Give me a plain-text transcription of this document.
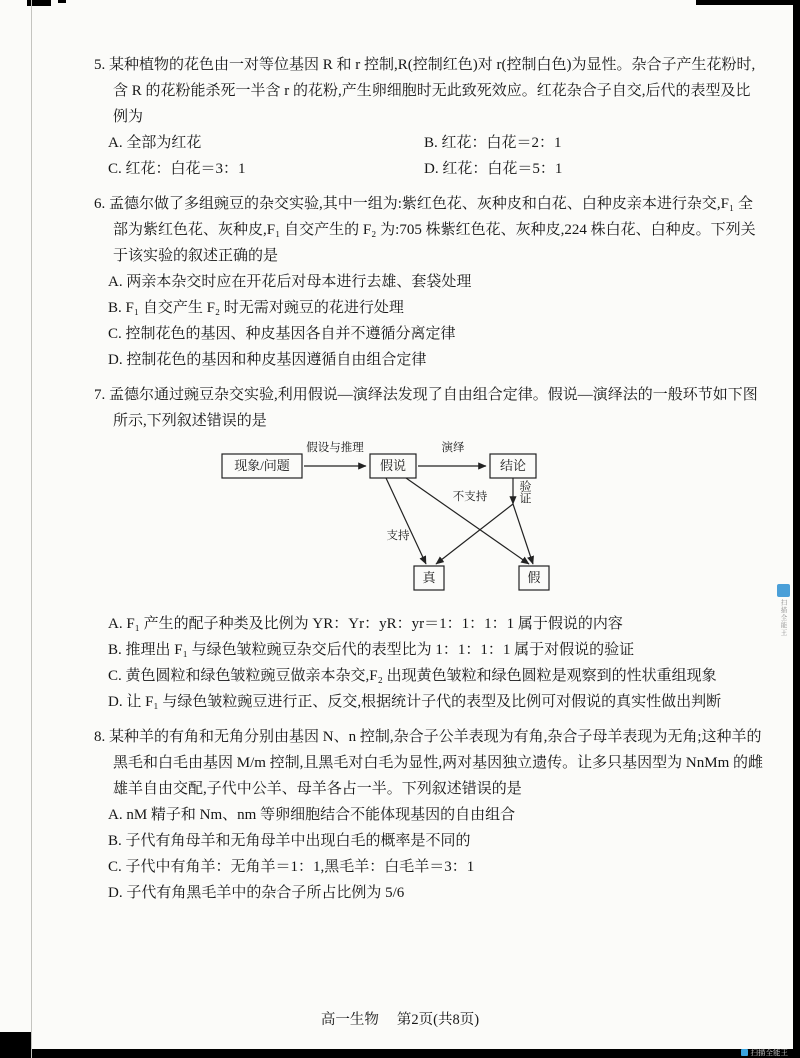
5. 某种植物的花色由一对等位基因 R 和 r 控制,R(控制红色)对 r(控制白色)为显性。杂合子产生花粉时,含 R 的花粉能杀死一半含 r 的花粉,产生卵细胞时无此致死效应。红花杂合子自交,后代的表型及比例为

A. 全部为红花	B. 红花：白花＝2：1

C. 红花：白花＝3：1	D. 红花：白花＝5：1

6. 孟德尔做了多组豌豆的杂交实验,其中一组为:紫红色花、灰种皮和白花、白种皮亲本进行杂交,F₁ 全部为紫红色花、灰种皮,F₁ 自交产生的 F₂ 为:705 株紫红色花、灰种皮,224 株白花、白种皮。下列关于该实验的叙述正确的是

A. 两亲本杂交时应在开花后对母本进行去雄、套袋处理

B. F₁ 自交产生 F₂ 时无需对豌豆的花进行处理

C. 控制花色的基因、种皮基因各自并不遵循分离定律

D. 控制花色的基因和种皮基因遵循自由组合定律

7. 孟德尔通过豌豆杂交实验,利用假说—演绎法发现了自由组合定律。假说—演绎法的一般环节如下图所示,下列叙述错误的是

现象/问题
假设与推理
假说
演绎
结论
验证
真	假
不支持
支持

A. F₁ 产生的配子种类及比例为 YR：Yr：yR：yr＝1：1：1：1 属于假说的内容

B. 推理出 F₁ 与绿色皱粒豌豆杂交后代的表型比为 1：1：1：1 属于对假说的验证

C. 黄色圆粒和绿色皱粒豌豆做亲本杂交,F₂ 出现黄色皱粒和绿色圆粒是观察到的性状重组现象

D. 让 F₁ 与绿色皱粒豌豆进行正、反交,根据统计子代的表型及比例可对假说的真实性做出判断

8. 某种羊的有角和无角分别由基因 N、n 控制,杂合子公羊表现为有角,杂合子母羊表现为无角;这种羊的黑毛和白毛由基因 M/m 控制,且黑毛对白毛为显性,两对基因独立遗传。让多只基因型为 NnMm 的雌雄羊自由交配,子代中公羊、母羊各占一半。下列叙述错误的是

A. nM 精子和 Nm、nm 等卵细胞结合不能体现基因的自由组合

B. 子代有角母羊和无角母羊中出现白毛的概率是不同的

C. 子代中有角羊：无角羊＝1：1,黑毛羊：白毛羊＝3：1

D. 子代有角黑毛羊中的杂合子所占比例为 5/6

高一生物 第2页(共8页)
扫描全能王
扫描全能王
